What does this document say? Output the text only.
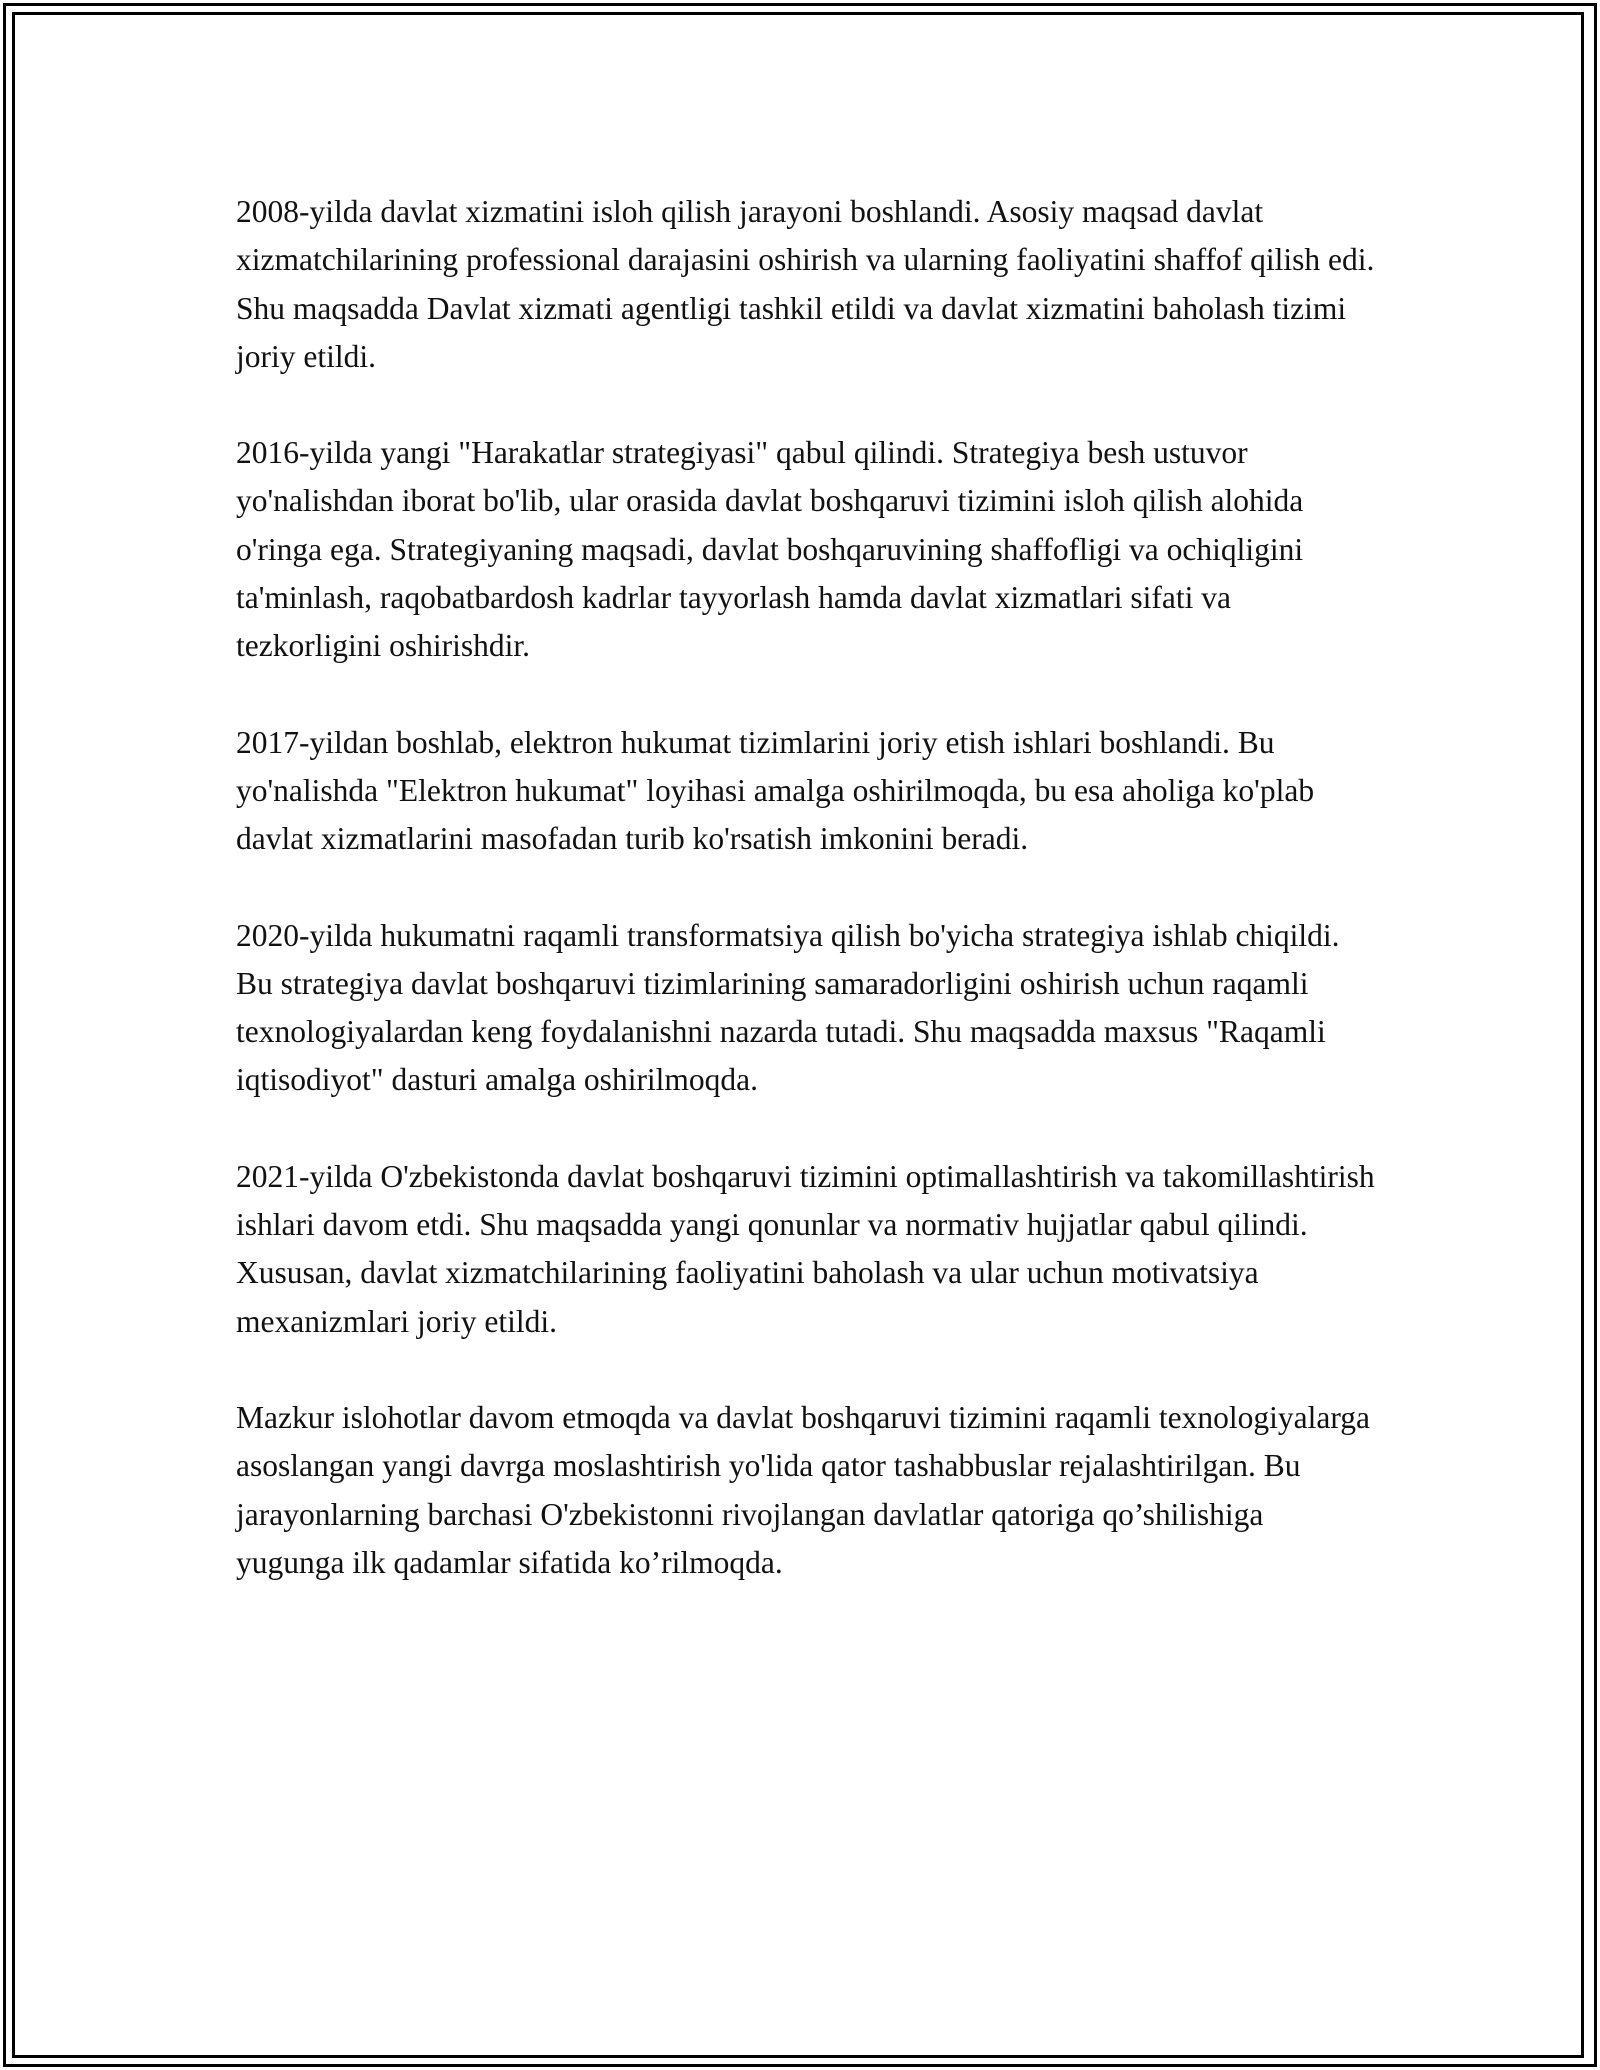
2008-yilda davlat xizmatini isloh qilish jarayoni boshlandi. Asosiy maqsad davlat xizmatchilarining professional darajasini oshirish va ularning faoliyatini shaffof qilish edi. Shu maqsadda Davlat xizmati agentligi tashkil etildi va davlat xizmatini baholash tizimi joriy etildi.

2016-yilda yangi "Harakatlar strategiyasi" qabul qilindi. Strategiya besh ustuvor yo'nalishdan iborat bo'lib, ular orasida davlat boshqaruvi tizimini isloh qilish alohida o'ringa ega. Strategiyaning maqsadi, davlat boshqaruvining shaffofligi va ochiqligini ta'minlash, raqobatbardosh kadrlar tayyorlash hamda davlat xizmatlari sifati va tezkorligini oshirishdir.

2017-yildan boshlab, elektron hukumat tizimlarini joriy etish ishlari boshlandi. Bu yo'nalishda "Elektron hukumat" loyihasi amalga oshirilmoqda, bu esa aholiga ko'plab davlat xizmatlarini masofadan turib ko'rsatish imkonini beradi.

2020-yilda hukumatni raqamli transformatsiya qilish bo'yicha strategiya ishlab chiqildi. Bu strategiya davlat boshqaruvi tizimlarining samaradorligini oshirish uchun raqamli texnologiyalardan keng foydalanishni nazarda tutadi. Shu maqsadda maxsus "Raqamli iqtisodiyot" dasturi amalga oshirilmoqda.

2021-yilda O'zbekistonda davlat boshqaruvi tizimini optimallashtirish va takomillashtirish ishlari davom etdi. Shu maqsadda yangi qonunlar va normativ hujjatlar qabul qilindi. Xususan, davlat xizmatchilarining faoliyatini baholash va ular uchun motivatsiya mexanizmlari joriy etildi.

Mazkur islohotlar davom etmoqda va davlat boshqaruvi tizimini raqamli texnologiyalarga asoslangan yangi davrga moslashtirish yo'lida qator tashabbuslar rejalashtirilgan. Bu jarayonlarning barchasi O'zbekistonni rivojlangan davlatlar qatoriga qo’shilishiga yugunga ilk qadamlar sifatida ko’rilmoqda.
